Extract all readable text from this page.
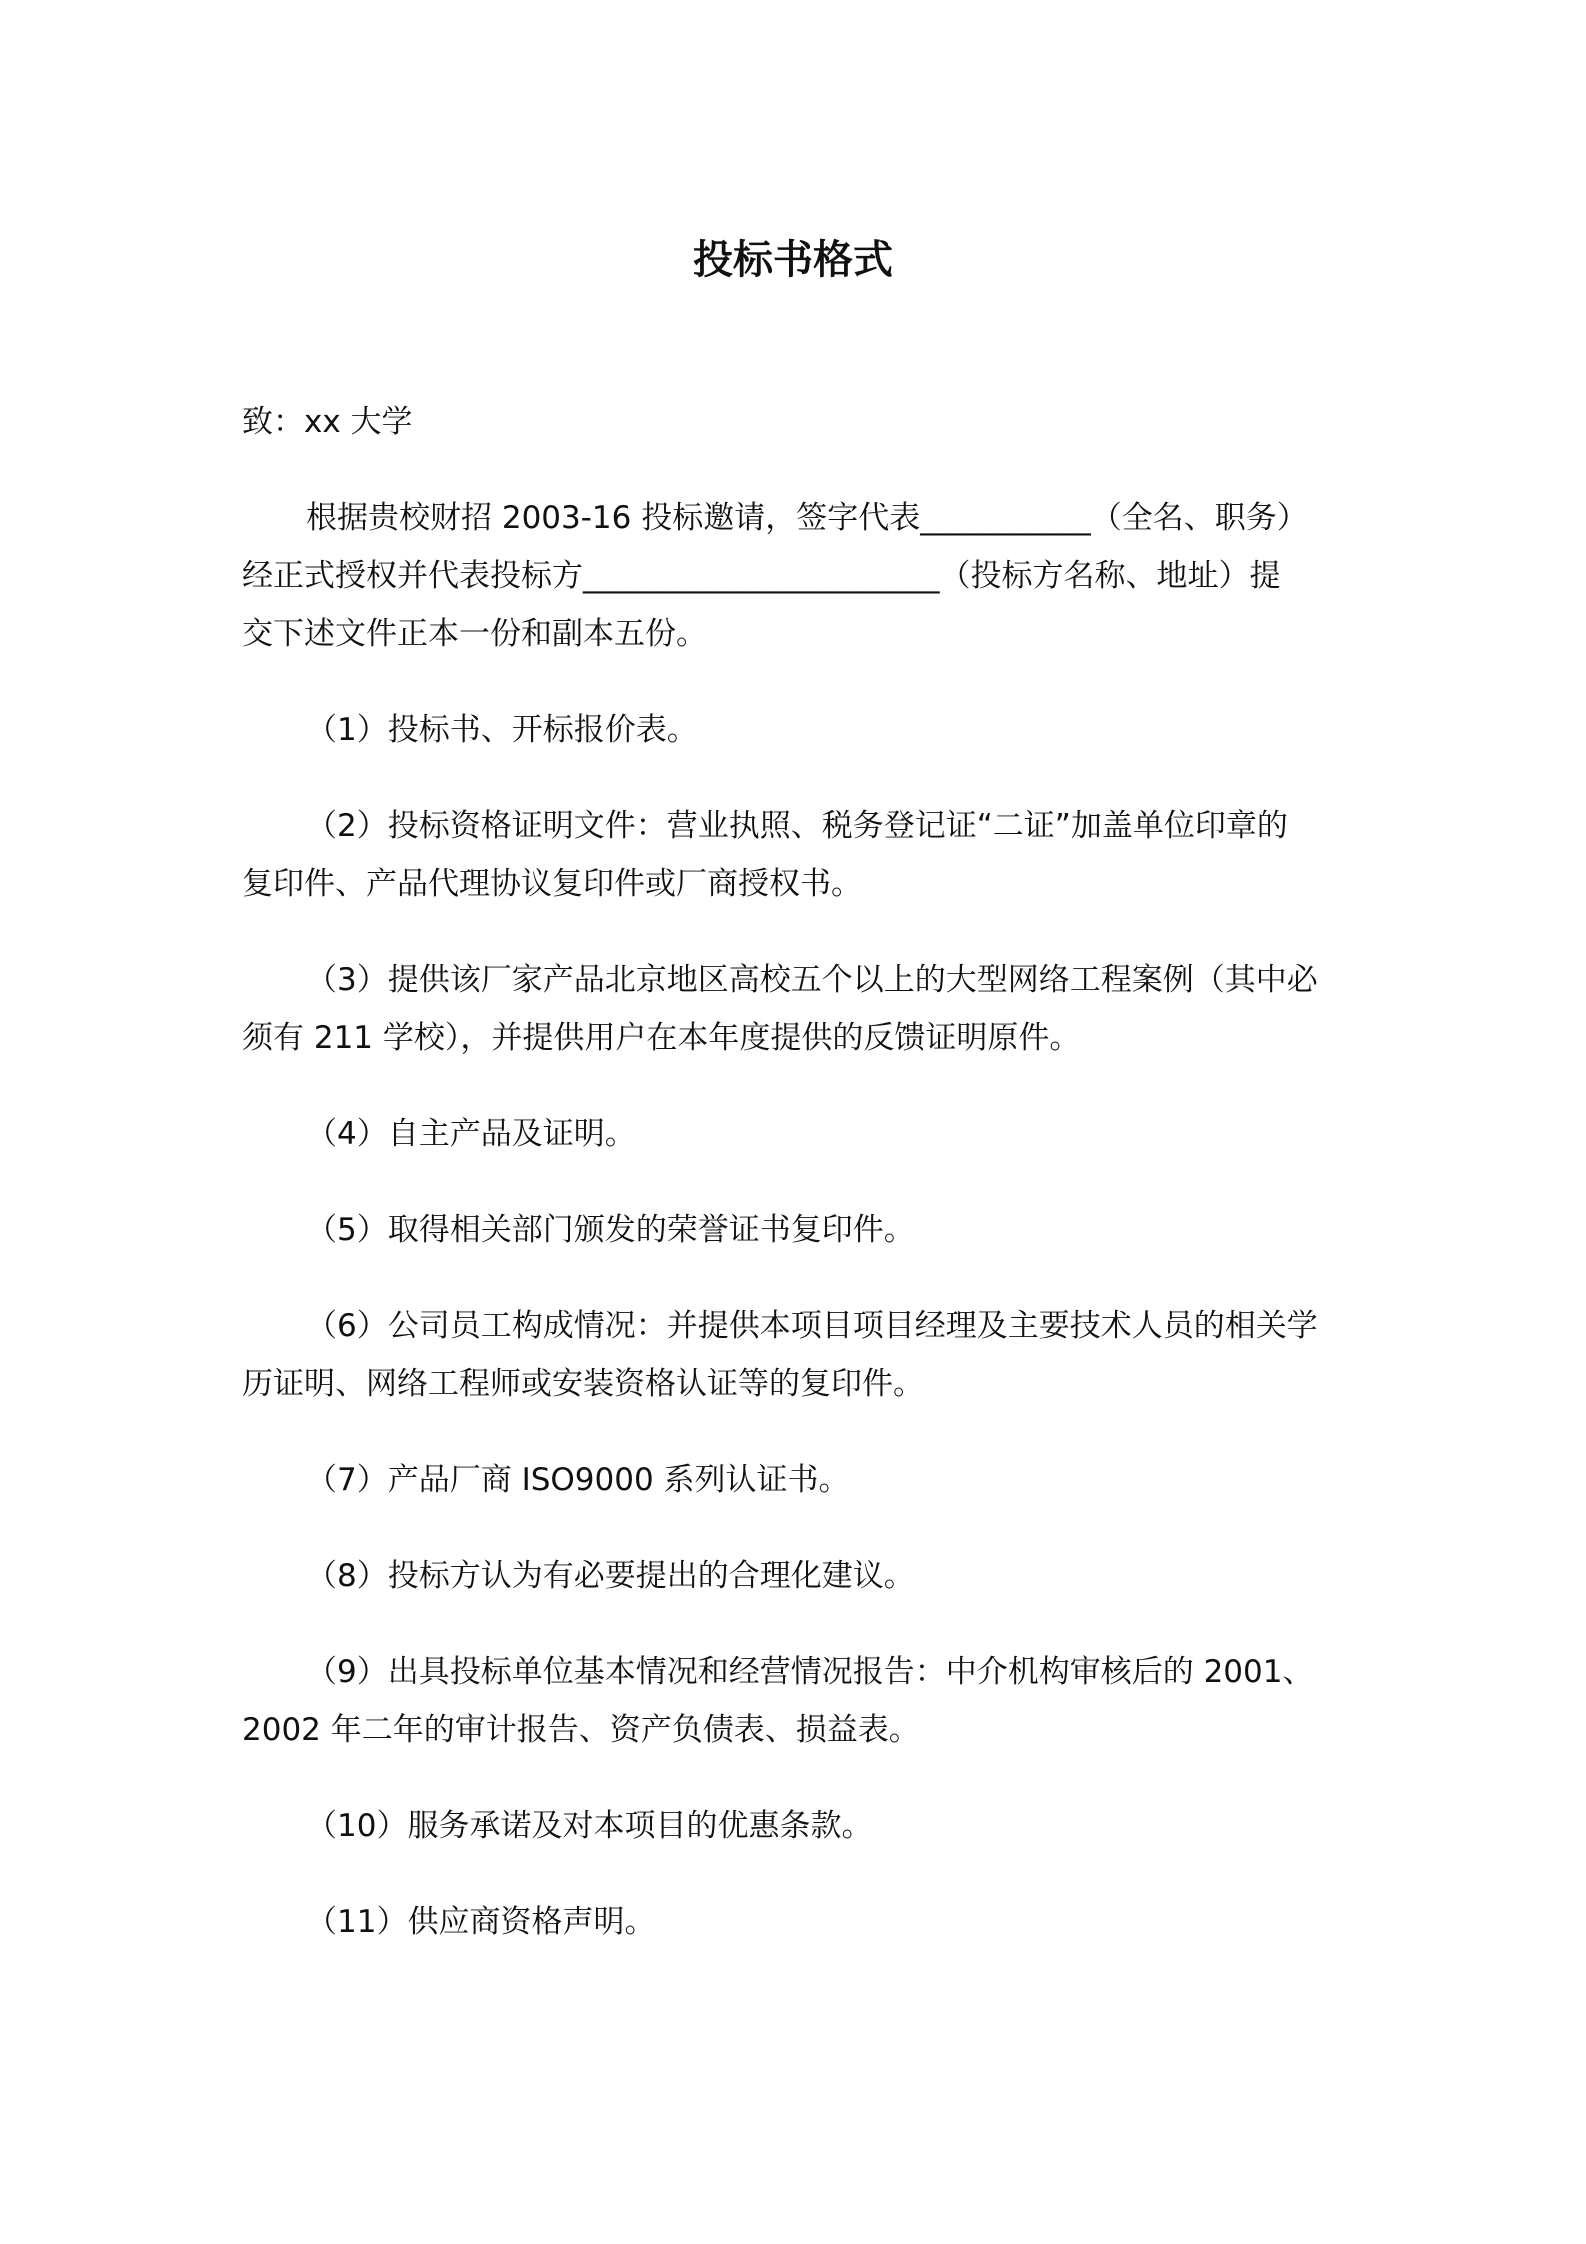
投标书格式
致：xx 大学
根据贵校财招 2003-16 投标邀请，签字代表___________（全名、职务）
经正式授权并代表投标方_______________________（投标方名称、地址）提
交下述文件正本一份和副本五份。
（1）投标书、开标报价表。
（2）投标资格证明文件：营业执照、税务登记证“二证”加盖单位印章的
复印件、产品代理协议复印件或厂商授权书。
（3）提供该厂家产品北京地区高校五个以上的大型网络工程案例（其中必
须有 211 学校），并提供用户在本年度提供的反馈证明原件。
（4）自主产品及证明。
（5）取得相关部门颁发的荣誉证书复印件。
（6）公司员工构成情况：并提供本项目项目经理及主要技术人员的相关学
历证明、网络工程师或安装资格认证等的复印件。
（7）产品厂商 ISO9000 系列认证书。
（8）投标方认为有必要提出的合理化建议。
（9）出具投标单位基本情况和经营情况报告：中介机构审核后的 2001、
2002 年二年的审计报告、资产负债表、损益表。
（10）服务承诺及对本项目的优惠条款。
（11）供应商资格声明。
